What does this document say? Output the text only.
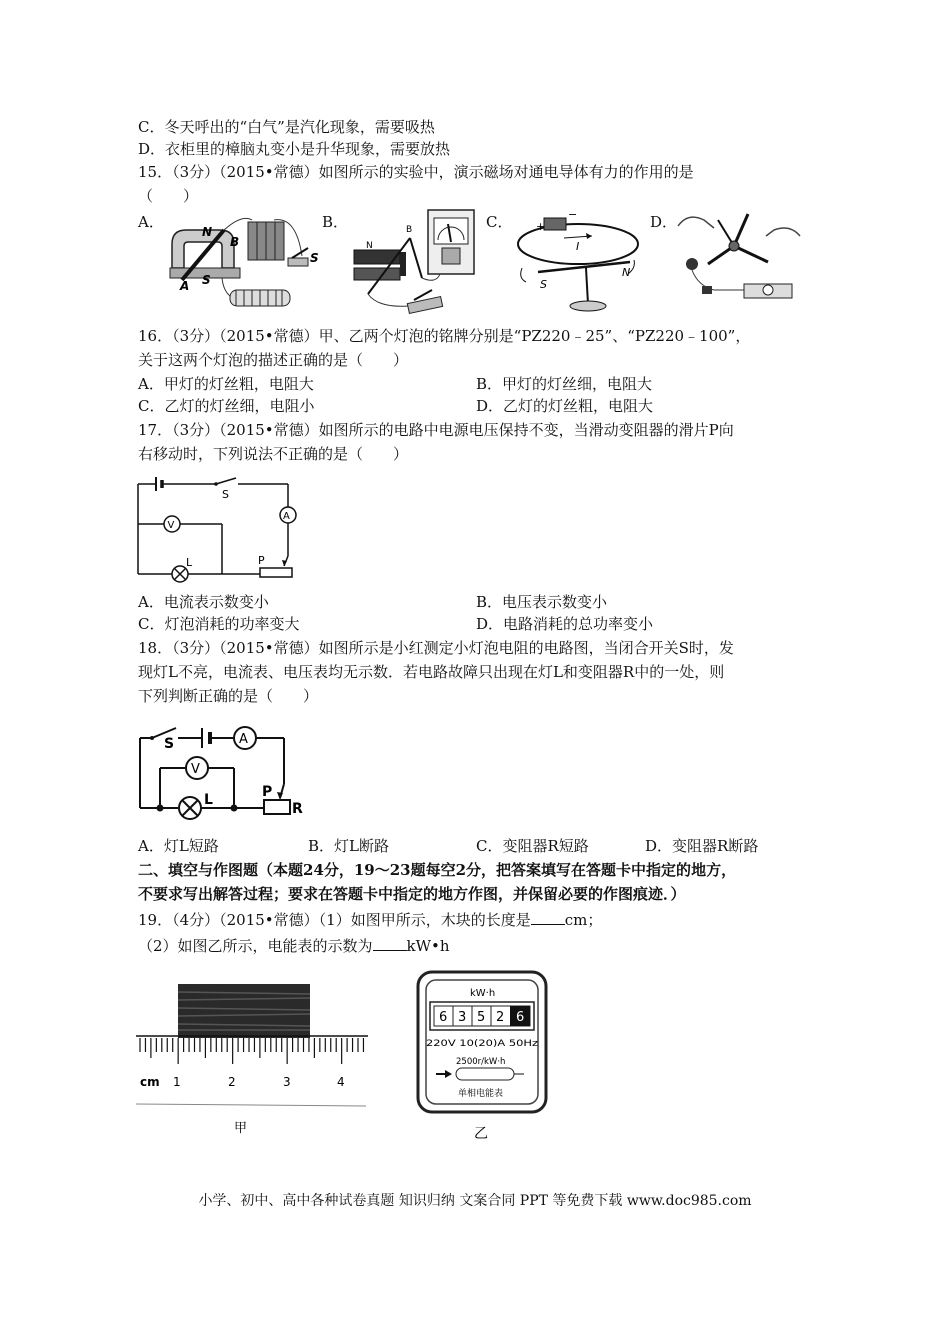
C．冬天呼出的“白气”是汽化现象，需要吸热
D．衣柜里的樟脑丸变小是升华现象，需要放热
15．（3分）（2015•常德）如图所示的实验中，演示磁场对通电导体有力的作用的是
（　　）
A．	B．	C．	D．
N
B
A S
S
N
B	+
−
I
S
N
16．（3分）（2015•常德）甲、乙两个灯泡的铭牌分别是“PZ220﹣25”、“PZ220﹣100”，
关于这两个灯泡的描述正确的是（　　）
A．甲灯的灯丝粗，电阻大	B．甲灯的灯丝细，电阻大
C．乙灯的灯丝细，电阻小	D．乙灯的灯丝粗，电阻大
17．（3分）（2015•常德）如图所示的电路中电源电压保持不变，当滑动变阻器的滑片P向
右移动时，下列说法不正确的是（　　）
S
A
P
L
V
A．电流表示数变小	B．电压表示数变小
C．灯泡消耗的功率变大	D．电路消耗的总功率变小
18．（3分）（2015•常德）如图所示是小红测定小灯泡电阻的电路图，当闭合开关S时，发
现灯L不亮，电流表、电压表均无示数．若电路故障只出现在灯L和变阻器R中的一处，则
下列判断正确的是（　　）
S	A
P
R
L
V
A．灯L短路	B．灯L断路	C．变阻器R短路	D．变阻器R断路
二、填空与作图题（本题24分，19～23题每空2分，把答案填写在答题卡中指定的地方，
不要求写出解答过程；要求在答题卡中指定的地方作图，并保留必要的作图痕迹．）
19．（4分）（2015•常德）（1）如图甲所示，木块的长度是 cm；
（2）如图乙所示，电能表的示数为 kW•h
cm 1	2	3	4
甲
kW·h
6 3 5 2 6
220V 10(20)A 50Hz
2500r/kW·h
单相电能表
乙
小学、初中、高中各种试卷真题 知识归纳 文案合同 PPT 等免费下载 www.doc985.com
